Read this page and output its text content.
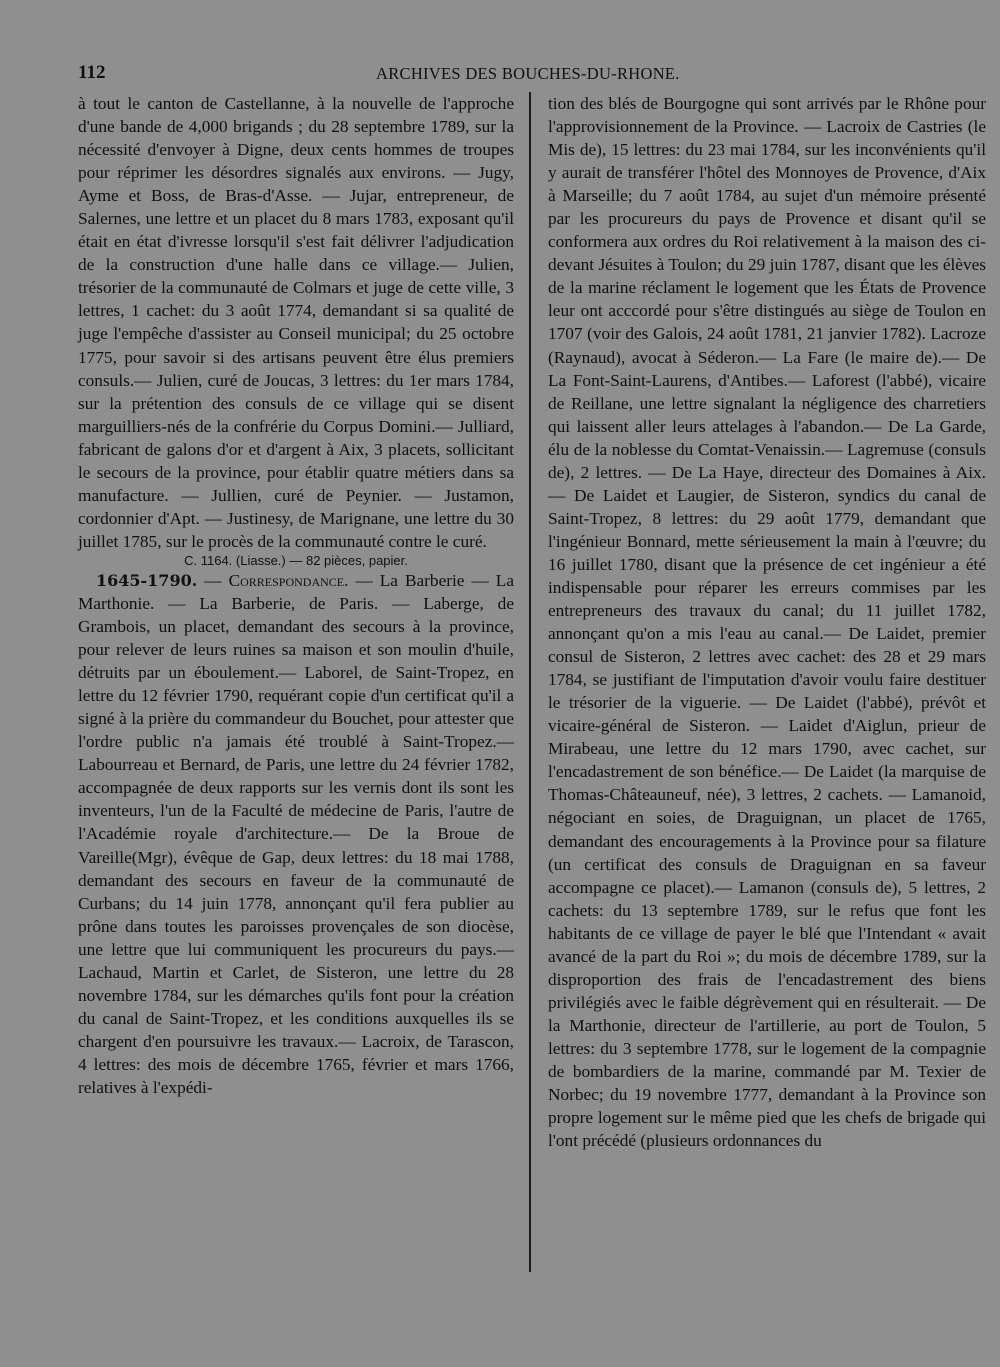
112	ARCHIVES DES BOUCHES-DU-RHONE.

à tout le canton de Castellanne, à la nouvelle de l'approche d'une bande de 4,000 brigands ; du 28 septembre 1789, sur la nécessité d'envoyer à Digne, deux cents hommes de troupes pour réprimer les désordres signalés aux environs. — Jugy, Ayme et Boss, de Bras-d'Asse. — Jujar, entrepreneur, de Salernes, une lettre et un placet du 8 mars 1783, exposant qu'il était en état d'ivresse lorsqu'il s'est fait délivrer l'adjudication de la construction d'une halle dans ce village.— Julien, trésorier de la communauté de Colmars et juge de cette ville, 3 lettres, 1 cachet: du 3 août 1774, demandant si sa qualité de juge l'empêche d'assister au Conseil municipal; du 25 octobre 1775, pour savoir si des artisans peuvent être élus premiers consuls.— Julien, curé de Joucas, 3 lettres: du 1er mars 1784, sur la prétention des consuls de ce village qui se disent marguilliers-nés de la confrérie du Corpus Domini.— Julliard, fabricant de galons d'or et d'argent à Aix, 3 placets, sollicitant le secours de la province, pour établir quatre métiers dans sa manufacture. — Jullien, curé de Peynier. — Justamon, cordonnier d'Apt. — Justinesy, de Marignane, une lettre du 30 juillet 1785, sur le procès de la communauté contre le curé.

C. 1164. (Liasse.) — 82 pièces, papier.

1645-1790. — Correspondance. — La Barberie — La Marthonie. — La Barberie, de Paris. — Laberge, de Grambois, un placet, demandant des secours à la province, pour relever de leurs ruines sa maison et son moulin d'huile, détruits par un éboulement.— Laborel, de Saint-Tropez, en lettre du 12 février 1790, requérant copie d'un certificat qu'il a signé à la prière du commandeur du Bouchet, pour attester que l'ordre public n'a jamais été troublé à Saint-Tropez.— Labourreau et Bernard, de Paris, une lettre du 24 février 1782, accompagnée de deux rapports sur les vernis dont ils sont les inventeurs, l'un de la Faculté de médecine de Paris, l'autre de l'Académie royale d'architecture.— De la Broue de Vareille(Mgr), évêque de Gap, deux lettres: du 18 mai 1788, demandant des secours en faveur de la communauté de Curbans; du 14 juin 1778, annonçant qu'il fera publier au prône dans toutes les paroisses provençales de son diocèse, une lettre que lui communiquent les procureurs du pays.— Lachaud, Martin et Carlet, de Sisteron, une lettre du 28 novembre 1784, sur les démarches qu'ils font pour la création du canal de Saint-Tropez, et les conditions auxquelles ils se chargent d'en poursuivre les travaux.— Lacroix, de Tarascon, 4 lettres: des mois de décembre 1765, février et mars 1766, relatives à l'expédi-

tion des blés de Bourgogne qui sont arrivés par le Rhône pour l'approvisionnement de la Province. — Lacroix de Castries (le Mis de), 15 lettres: du 23 mai 1784, sur les inconvénients qu'il y aurait de transférer l'hôtel des Monnoyes de Provence, d'Aix à Marseille; du 7 août 1784, au sujet d'un mémoire présenté par les procureurs du pays de Provence et disant qu'il se conformera aux ordres du Roi relativement à la maison des ci-devant Jésuites à Toulon; du 29 juin 1787, disant que les élèves de la marine réclament le logement que les États de Provence leur ont acccordé pour s'être distingués au siège de Toulon en 1707 (voir des Galois, 24 août 1781, 21 janvier 1782). Lacroze (Raynaud), avocat à Séderon.— La Fare (le maire de).— De La Font-Saint-Laurens, d'Antibes.— Laforest (l'abbé), vicaire de Reillane, une lettre signalant la négligence des charretiers qui laissent aller leurs attelages à l'abandon.— De La Garde, élu de la noblesse du Comtat-Venaissin.— Lagremuse (consuls de), 2 lettres. — De La Haye, directeur des Domaines à Aix. — De Laidet et Laugier, de Sisteron, syndics du canal de Saint-Tropez, 8 lettres: du 29 août 1779, demandant que l'ingénieur Bonnard, mette sérieusement la main à l'œuvre; du 16 juillet 1780, disant que la présence de cet ingénieur a été indispensable pour réparer les erreurs commises par les entrepreneurs des travaux du canal; du 11 juillet 1782, annonçant qu'on a mis l'eau au canal.— De Laidet, premier consul de Sisteron, 2 lettres avec cachet: des 28 et 29 mars 1784, se justifiant de l'imputation d'avoir voulu faire destituer le trésorier de la viguerie. — De Laidet (l'abbé), prévôt et vicaire-général de Sisteron. — Laidet d'Aiglun, prieur de Mirabeau, une lettre du 12 mars 1790, avec cachet, sur l'encadastrement de son bénéfice.— De Laidet (la marquise de Thomas-Châteauneuf, née), 3 lettres, 2 cachets. — Lamanoid, négociant en soies, de Draguignan, un placet de 1765, demandant des encouragements à la Province pour sa filature (un certificat des consuls de Draguignan en sa faveur accompagne ce placet).— Lamanon (consuls de), 5 lettres, 2 cachets: du 13 septembre 1789, sur le refus que font les habitants de ce village de payer le blé que l'Intendant « avait avancé de la part du Roi »; du mois de décembre 1789, sur la disproportion des frais de l'encadastrement des biens privilégiés avec le faible dégrèvement qui en résulterait. — De la Marthonie, directeur de l'artillerie, au port de Toulon, 5 lettres: du 3 septembre 1778, sur le logement de la compagnie de bombardiers de la marine, commandé par M. Texier de Norbec; du 19 novembre 1777, demandant à la Province son propre logement sur le même pied que les chefs de brigade qui l'ont précédé (plusieurs ordonnances du
